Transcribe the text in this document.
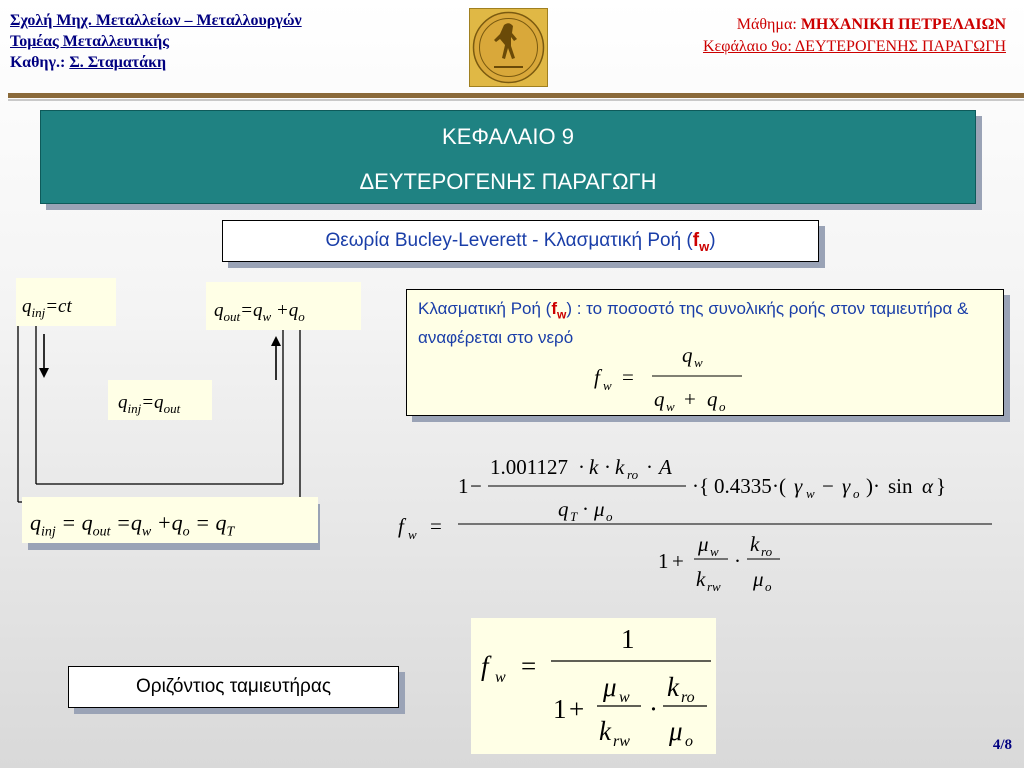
Σχολή Μηχ. Μεταλλείων – Μεταλλουργών
Τομέας Μεταλλευτικής
Καθηγ.: Σ. Σταματάκη
Μάθημα: ΜΗΧΑΝΙΚΗ ΠΕΤΡΕΛΑΙΩΝ
Κεφάλαιο 9ο: ΔΕΥΤΕΡΟΓΕΝΗΣ ΠΑΡΑΓΩΓΗ
ΚΕΦΑΛΑΙΟ 9
ΔΕΥΤΕΡΟΓΕΝΗΣ ΠΑΡΑΓΩΓΗ
Θεωρία Bucley-Leverett - Κλασματική Ροή $(f_w)$
Κλασματική Ροή $(f_w)$ : το ποσοστό της συνολικής ροής στον ταμιευτήρα & αναφέρεται στο νερό
f w =
q w
q w + q o
$q_{inj}=ct$	$q_{out}=q_w +q_o$
$q_{inj}=q_{out}$
$q_{inj} = q_{out} =q_w +q_o = q_T$	f w =
1 −
1.001127 · k · k ro · A
q T · μ o
·{ 0.4335 ·( γ w − γ o )· sin α }
1 +
μ w
k rw
·
k ro
μ o
Οριζόντιος ταμιευτήρας
f w =
1
1 +
μ w
k rw
·
k ro
μ o	4/8
